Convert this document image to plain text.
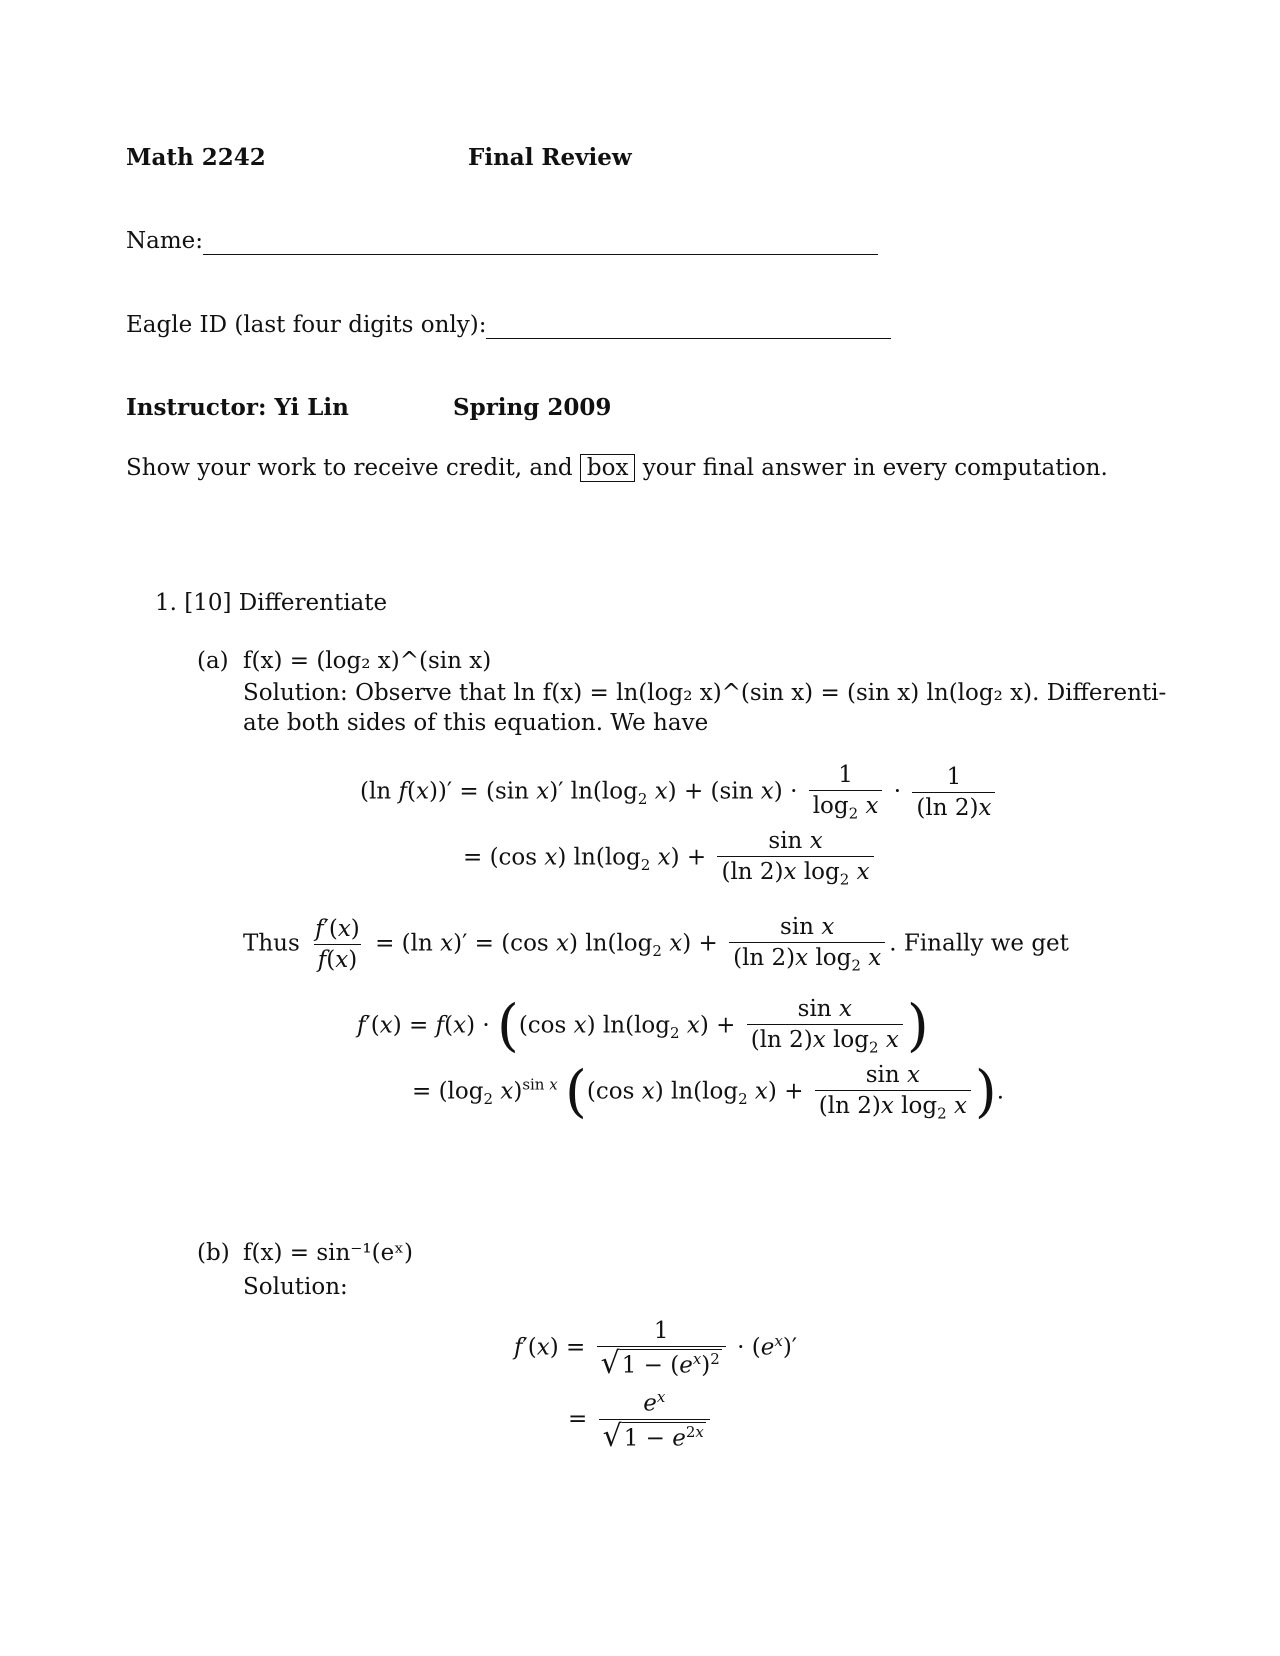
Math 2242	Final Review
Name:
Eagle ID (last four digits only):
Instructor: Yi Lin	Spring 2009
Show your work to receive credit, and box your final answer in every computation.
1. [10] Differentiate
(a) f(x) = (log₂ x)^(sin x)
Solution: Observe that ln f(x) = ln(log₂ x)^(sin x) = (sin x) ln(log₂ x). Differenti-
ate both sides of this equation. We have
(ln f(x))′ = (sin x)′ $\ln(\log_2$ x) + (sin $x) \cdot \frac{1}{\log_2 x} \cdot \frac{1}{(\ln 2)x}$
= (cos x) $\ln(\log_2$ $x) + \frac{\text{sin x}}{(\ln 2)x \log_2 x}$
Thus $\frac{f'(x)}{f(x)} = (\ln$ x)′ = (cos x) $\ln(\log_2$ $x) + \frac{\text{sin x}}{(\ln 2)x \log_2 x}$ . Finally we get
f′(x) = f(x) · ((cos x) $\ln(\log_2$ $x) + \frac{\text{sin x}}{(\ln 2)x \log_2 x}$ )
= ($\log_2$ x)$^{sin x}$ ((cos x) $\ln(\log_2$ $x) + \frac{\text{sin x}}{(\ln 2)x \log_2 x}$ ).
(b) f(x) = sin⁻¹(eˣ)
Solution:
$f'(x) = \frac{1}{√ 1 - (e^x)^2} \cdot (e^x)'$
= $\frac{e^x}{√ 1 - e^{2x}}$
